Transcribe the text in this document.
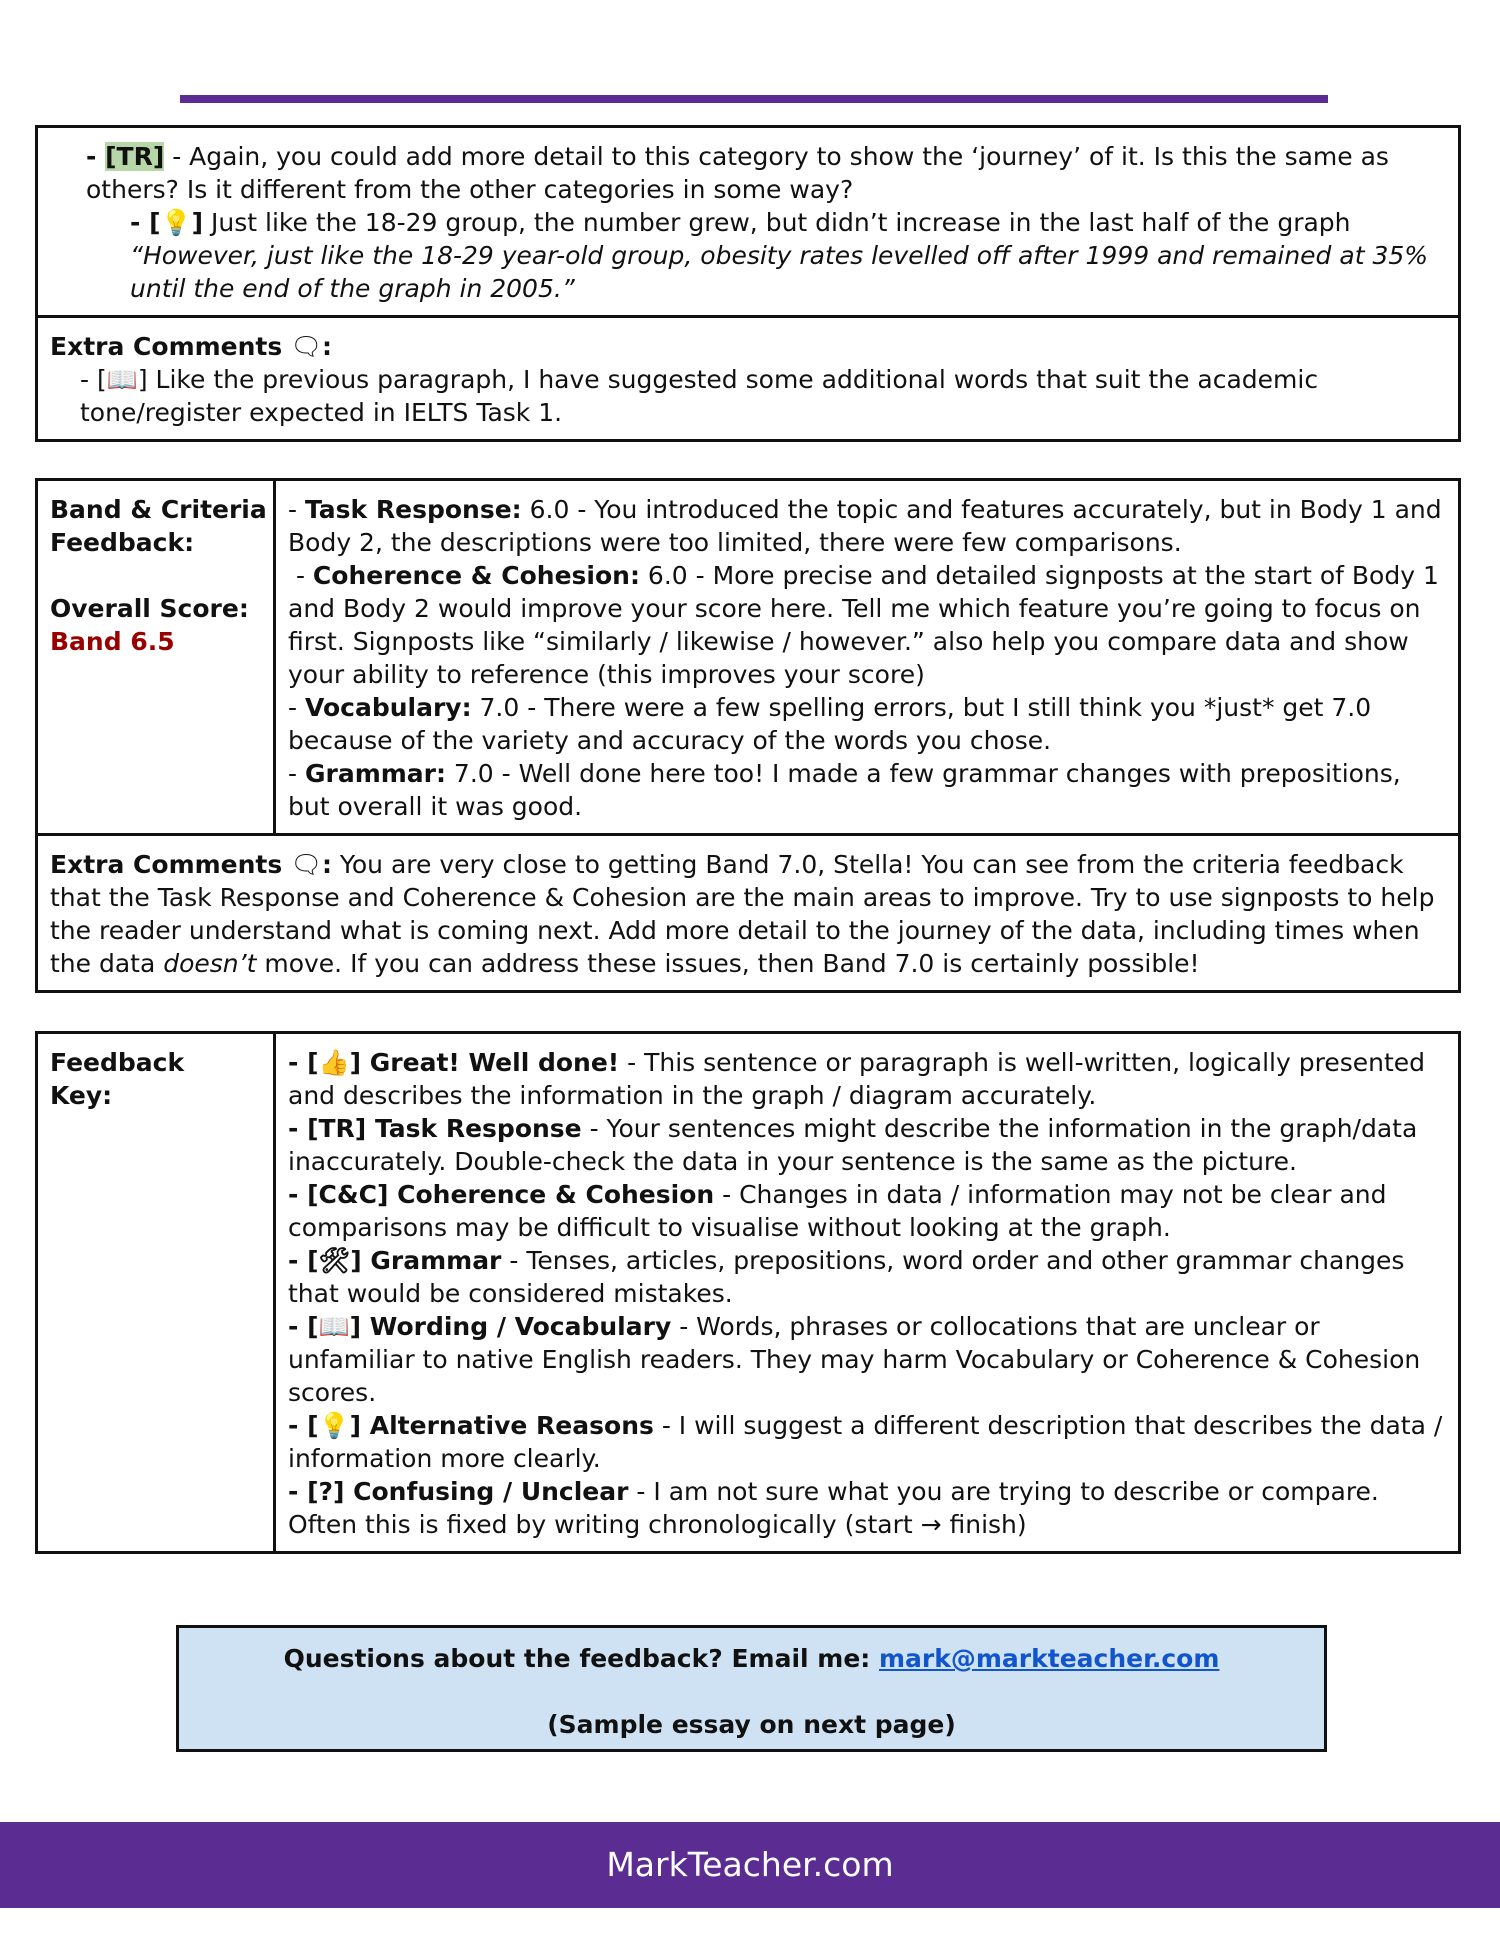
- [TR] - Again, you could add more detail to this category to show the ‘journey’ of it. Is this the same as others? Is it different from the other categories in some way?
- [💡] Just like the 18-29 group, the number grew, but didn’t increase in the last half of the graph “However, just like the 18-29 year-old group, obesity rates levelled off after 1999 and remained at 35% until the end of the graph in 2005.”
Extra Comments 🗨:
- [📖] Like the previous paragraph, I have suggested some additional words that suit the academic tone/register expected in IELTS Task 1.
Band & Criteria Feedback:
Overall Score:
Band 6.5
- Task Response: 6.0 - You introduced the topic and features accurately, but in Body 1 and Body 2, the descriptions were too limited, there were few comparisons.
- Coherence & Cohesion: 6.0 - More precise and detailed signposts at the start of Body 1 and Body 2 would improve your score here. Tell me which feature you’re going to focus on first. Signposts like “similarly / likewise / however.” also help you compare data and show your ability to reference (this improves your score)
- Vocabulary: 7.0 - There were a few spelling errors, but I still think you *just* get 7.0 because of the variety and accuracy of the words you chose.
- Grammar: 7.0 - Well done here too! I made a few grammar changes with prepositions, but overall it was good.
Extra Comments 🗨: You are very close to getting Band 7.0, Stella! You can see from the criteria feedback that the Task Response and Coherence & Cohesion are the main areas to improve. Try to use signposts to help the reader understand what is coming next. Add more detail to the journey of the data, including times when the data doesn’t move. If you can address these issues, then Band 7.0 is certainly possible!
Feedback Key:
- [👍] Great! Well done! - This sentence or paragraph is well-written, logically presented and describes the information in the graph / diagram accurately.
- [TR] Task Response - Your sentences might describe the information in the graph/data inaccurately. Double-check the data in your sentence is the same as the picture.
- [C&C] Coherence & Cohesion - Changes in data / information may not be clear and comparisons may be difficult to visualise without looking at the graph.
- [🛠] Grammar - Tenses, articles, prepositions, word order and other grammar changes that would be considered mistakes.
- [📖] Wording / Vocabulary - Words, phrases or collocations that are unclear or unfamiliar to native English readers. They may harm Vocabulary or Coherence & Cohesion scores.
- [💡] Alternative Reasons - I will suggest a different description that describes the data / information more clearly.
- [?] Confusing / Unclear - I am not sure what you are trying to describe or compare. Often this is fixed by writing chronologically (start → finish)
Questions about the feedback? Email me: mark@markteacher.com
(Sample essay on next page)
MarkTeacher.com
